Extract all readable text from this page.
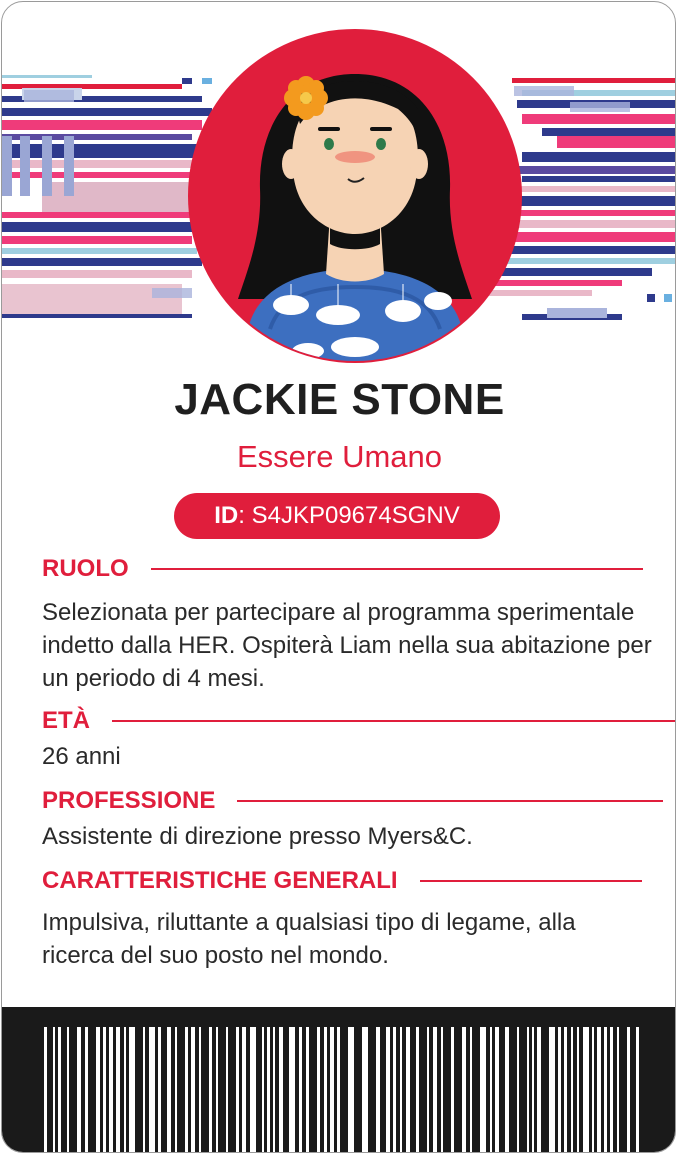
JACKIE STONE
Essere Umano
ID : S4JKP09674SGNV
RUOLO
Selezionata per partecipare al programma sperimentale indetto dalla HER. Ospiterà Liam nella sua abitazione per un periodo di 4 mesi.
ETÀ
26 anni
PROFESSIONE
Assistente di direzione presso Myers&C.
CARATTERISTICHE GENERALI
Impulsiva, riluttante a qualsiasi tipo di legame, alla ricerca del suo posto nel mondo.
